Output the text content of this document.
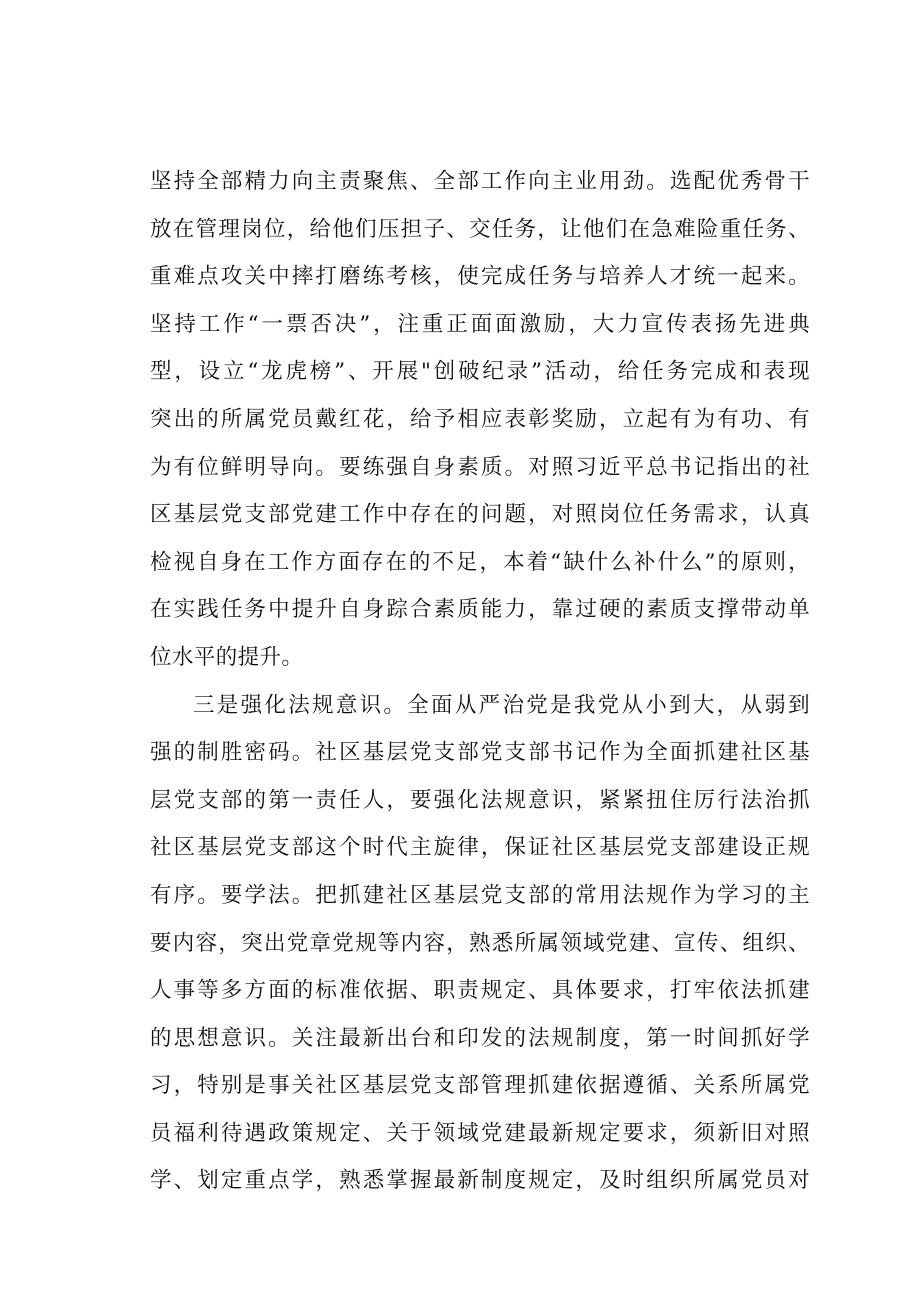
坚持全部精力向主责聚焦、全部工作向主业用劲。选配优秀骨干
放在管理岗位，给他们压担子、交任务，让他们在急难险重任务、
重难点攻关中摔打磨练考核，使完成任务与培养人才统一起来。
坚持工作“一票否决”，注重正面面激励，大力宣传表扬先进典
型，设立“龙虎榜”、开展"创破纪录”活动，给任务完成和表现
突出的所属党员戴红花，给予相应表彰奖励，立起有为有功、有
为有位鲜明导向。要练强自身素质。对照习近平总书记指出的社
区基层党支部党建工作中存在的问题，对照岗位任务需求，认真
检视自身在工作方面存在的不足，本着“缺什么补什么”的原则，
在实践任务中提升自身踪合素质能力，靠过硬的素质支撑带动单
位水平的提升。
三是强化法规意识。全面从严治党是我党从小到大，从弱到
强的制胜密码。社区基层党支部党支部书记作为全面抓建社区基
层党支部的第一责任人，要强化法规意识，紧紧扭住厉行法治抓
社区基层党支部这个时代主旋律，保证社区基层党支部建设正规
有序。要学法。把抓建社区基层党支部的常用法规作为学习的主
要内容，突出党章党规等内容，熟悉所属领域党建、宣传、组织、
人事等多方面的标准依据、职责规定、具体要求，打牢依法抓建
的思想意识。关注最新出台和印发的法规制度，第一时间抓好学
习，特别是事关社区基层党支部管理抓建依据遵循、关系所属党
员福利待遇政策规定、关于领域党建最新规定要求，须新旧对照
学、划定重点学，熟悉掌握最新制度规定，及时组织所属党员对
